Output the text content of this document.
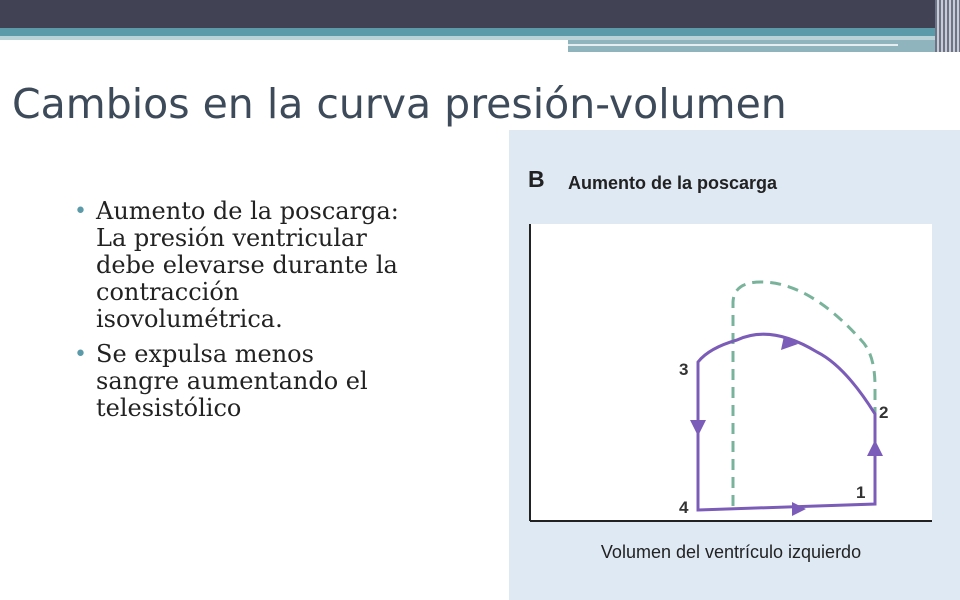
Cambios en la curva presión-volumen
• Aumento de la poscarga: La presión ventricular debe elevarse durante la contracción isovolumétrica.
• Se expulsa menos sangre aumentando el telesistólico
B Aumento de la poscarga
1
2
3
4
Volumen del ventrículo izquierdo
